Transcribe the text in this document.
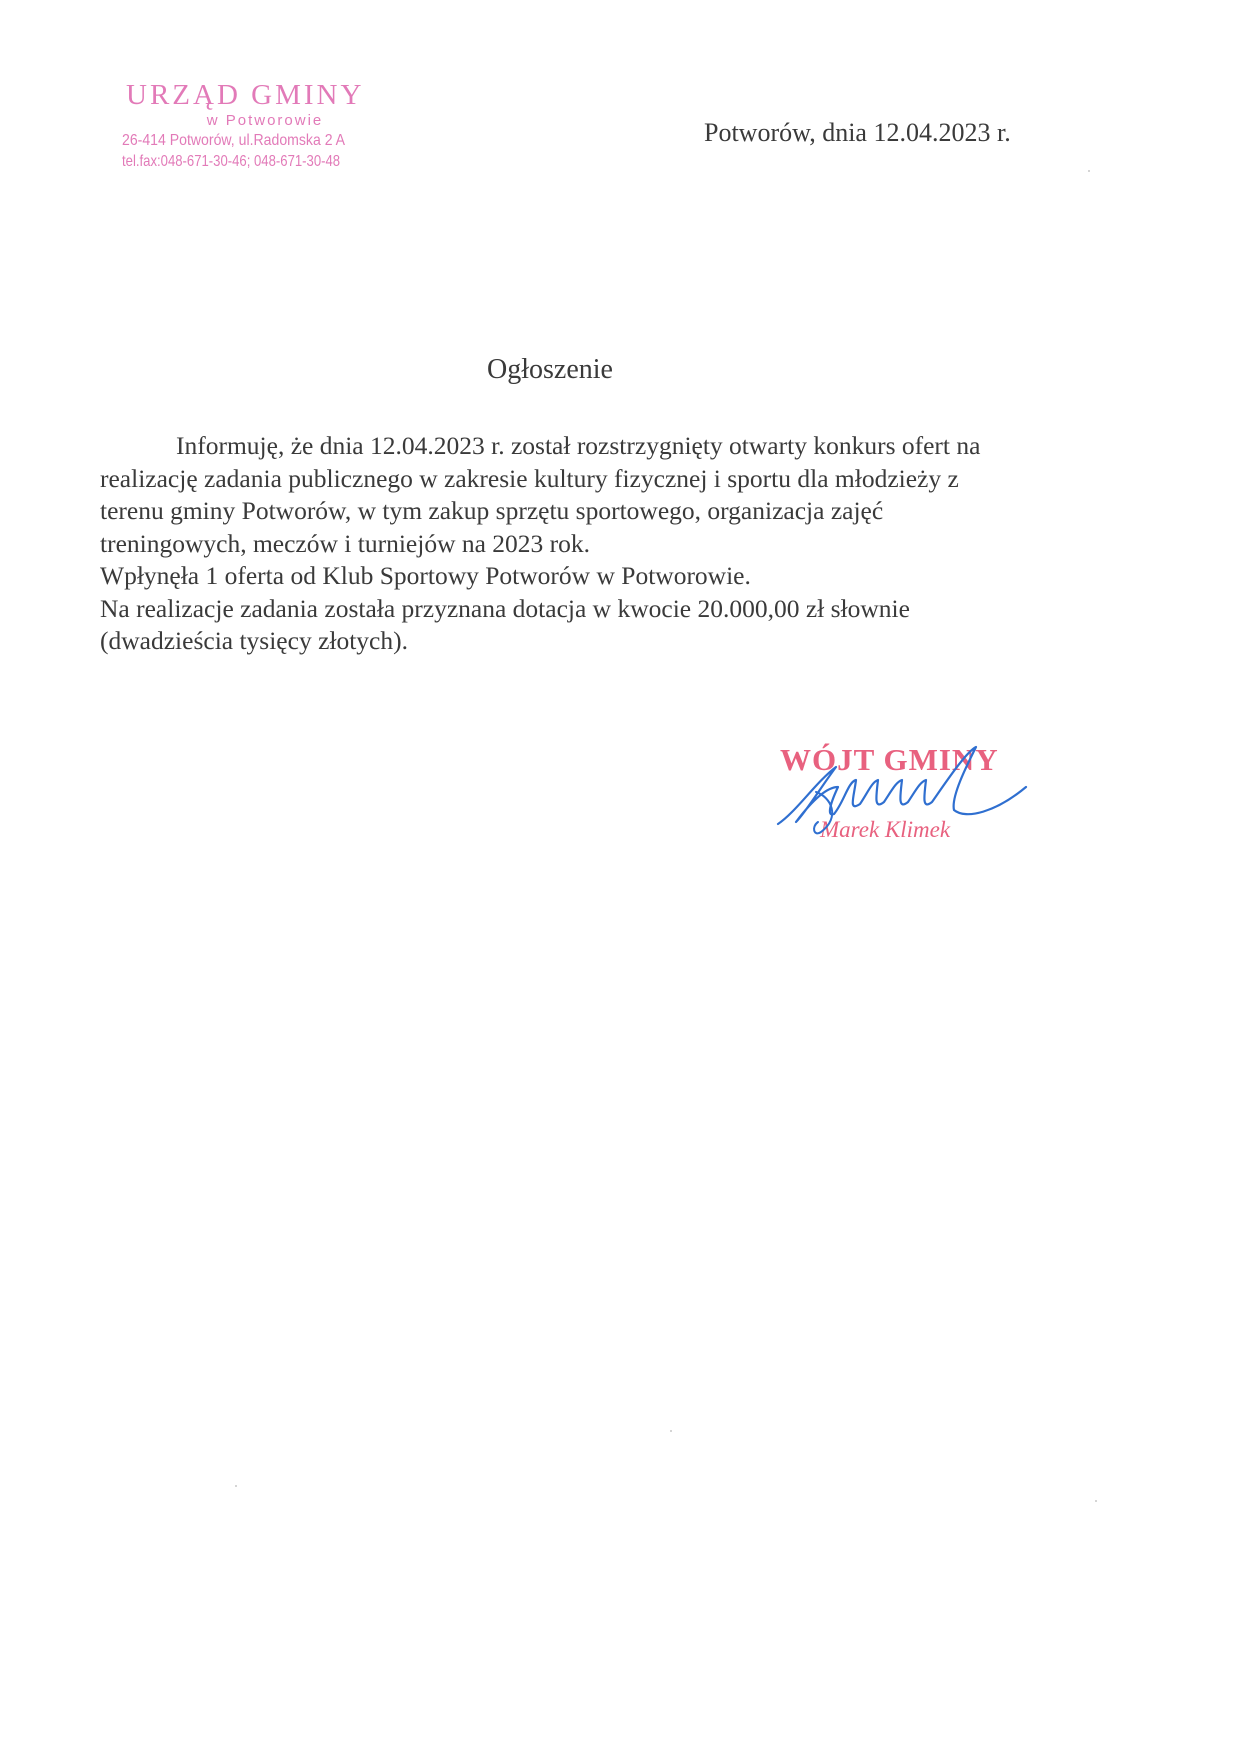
URZĄD GMINY
w Potworowie
26-414 Potworów, ul.Radomska 2 A
tel.fax:048-671-30-46; 048-671-30-48
Potworów, dnia 12.04.2023 r.
Ogłoszenie
Informuję, że dnia 12.04.2023 r. został rozstrzygnięty otwarty konkurs ofert na
realizację zadania publicznego w zakresie kultury fizycznej i sportu dla młodzieży z
terenu gminy Potworów, w tym zakup sprzętu sportowego, organizacja zajęć
treningowych, meczów i turniejów na 2023 rok.
Wpłynęła 1 oferta od Klub Sportowy Potworów w Potworowie.
Na realizacje zadania została przyznana dotacja w kwocie 20.000,00 zł słownie
(dwadzieścia tysięcy złotych).
WÓJT GMINY
Marek Klimek
